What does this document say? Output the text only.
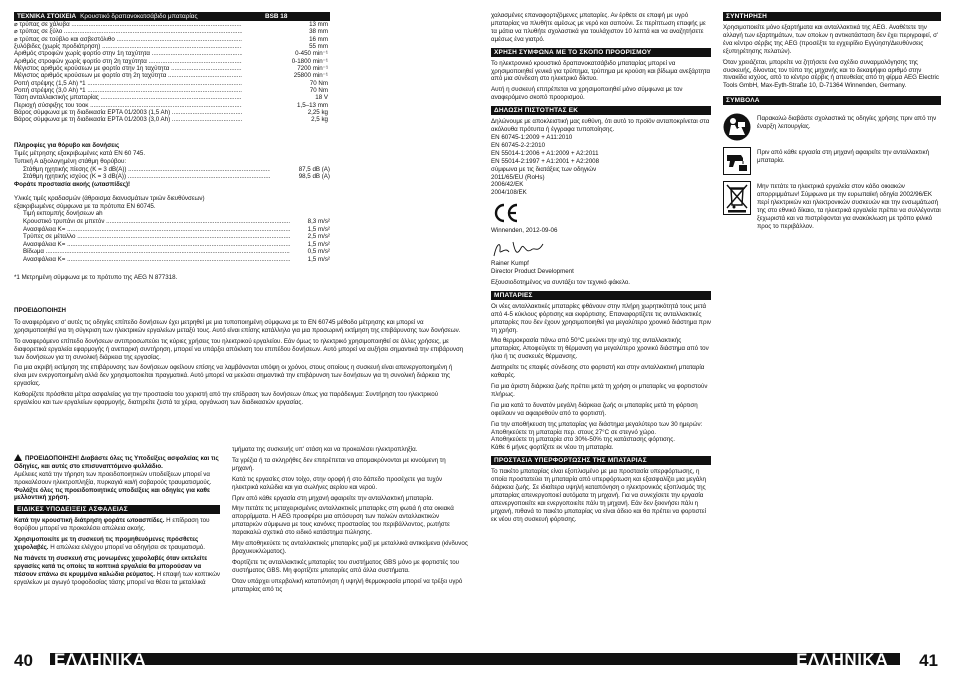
ΤΕΧΝΙΚΑ ΣΤΟΙΧΕΙΑ Κρουστικό δραπανοκατσάβιδο μπαταρίας	BSB 18
⌀ τρύπας σε χάλυβα .....	13 mm
⌀ τρύπας σε ξύλο .....	38 mm
⌀ τρύπας σε τούβλο και ασβεστόλιθο .....	16 mm
ξυλόβιδες (χωρίς προδιάτρηση) .....	55 mm
Αριθμός στροφών χωρίς φορτίο στην 1η ταχύτητα .....	0-450 min⁻¹
Αριθμός στροφών χωρίς φορτίο στη 2η ταχύτητα .....	0-1800 min⁻¹
Μέγιστος αριθμός κρούσεων με φορτίο στην 1η ταχύτητα .....	7200 min⁻¹
Μέγιστος αριθμός κρούσεων με φορτίο στη 2η ταχύτητα .....	25800 min⁻¹
Ροπή στρέψης (1,5 Ah) *1 .....	70 Nm
Ροπή στρέψης (3,0 Ah) *1 .....	70 Nm
Τάση ανταλλακτικής μπαταρίας .....	18 V
Περιοχή σύσφιξης του τοοκ .....	1,5–13 mm
Βάρος σύμφωνα με τη διαδικασία EPTA 01/2003 (1,5 Ah) .....	2,25 kg
Βάρος σύμφωνα με τη διαδικασία EPTA 01/2003 (3,0 Ah) .....	2,5 kg

Πληροφίες για θόρυβο και δονήσεις

Τιμές μέτρησης εξακριβωμένες κατά EN 60 745.
Τυπική Α αξιολογημένη στάθμη θορύβου:

Στάθμη ηχητικής πίεσης (K = 3 dB(A)) .....	87,5 dB (A)
Στάθμη ηχητικής ισχύος (K = 3 dB(A)) .....	98,5 dB (A)

Φοράτε προστασία ακοής (ωτασπίδες)!

Υλικές τιμές κραδασμών (άθροισμα διανυσμάτων τριών διευθύνσεων) εξακριβωμένες σύμφωνα με τα πρότυπα EN 60745.

Τιμή εκπομπής δονήσεων ah
Κρουστικό τρυπάνι σε μπετόν .....	8,3 m/s²
Ανασφάλεια K= .....	1,5 m/s²
Τρύπες σε μέταλλο .....	2,5 m/s²
Ανασφάλεια K= .....	1,5 m/s²
Βίδωμα .....	0,5 m/s²
Ανασφάλεια K= .....	1,5 m/s²

*1 Μετρημένη σύμφωνα με το πρότυπο της AEG N 877318.

ΠΡΟΕΙΔΟΠΟΙΗΣΗ

Το αναφερόμενο σ' αυτές τις οδηγίες επίπεδο δονήσεων έχει μετρηθεί με μια τυποποιημένη σύμφωνα με το EN 60745 μέθοδο μέτρησης και μπορεί να χρησιμοποιηθεί για τη σύγκριση των ηλεκτρικών εργαλείων μεταξύ τους. Αυτό είναι επίσης κατάλληλο για μια προσωρινή εκτίμηση της επιβάρυνσης των δονήσεων.

Το αναφερόμενο επίπεδο δονήσεων αντιπροσωπεύει τις κύριες χρήσεις του ηλεκτρικού εργαλείου. Εάν όμως το ηλεκτρικό χρησιμοποιηθεί σε άλλες χρήσεις, με διαφορετικά εργαλεία εφαρμογής ή ανεπαρκή συντήρηση, μπορεί να υπάρξει απόκλιση του επιπέδου δονήσεων. Αυτό μπορεί να αυξήσει σημαντικά την επιβάρυνση των δονήσεων για τη συνολική διάρκεια της εργασίας.

Για μια ακριβή εκτίμηση της επιβάρυνσης των δονήσεων οφείλουν επίσης να λαμβάνονται υπόψη οι χρόνοι, στους οποίους η συσκευή είναι απενεργοποιημένη ή είναι μεν ενεργοποιημένη αλλά δεν χρησιμοποιείται πραγματικά. Αυτό μπορεί να μειώσει σημαντικά την επιβάρυνση των δονήσεων για τη συνολική διάρκεια της εργασίας.

Καθορίζετε πρόσθετα μέτρα ασφαλείας για την προστασία του χειριστή από την επίδραση των δονήσεων όπως για παράδειγμα: Συντήρηση του ηλεκτρικού εργαλείου και των εργαλείων εφαρμογής, διατηρείτε ζεστά τα χέρια, οργάνωση των διαδικασιών εργασίας.

ΠΡΟΕΙΔΟΠΟΙΗΣΗ! Διαβάστε όλες τις Υποδείξεις ασφαλείας και τις Οδηγίες, και αυτές στο επισυναπτόμενο φυλλάδιο.
Αμέλειες κατά την τήρηση των προειδοποιητικών υποδείξεων μπορεί να προκαλέσουν ηλεκτροπληξία, πυρκαγιά και/ή σοβαρούς τραυματισμούς.
Φυλάξτε όλες τις προειδοποιητικές υποδείξεις και οδηγίες για καθε μελλοντική χρήση.

ΕΙΔΙΚΕΣ ΥΠΟΔΕΙΞΕΙΣ ΑΣΦΑΛΕΙΑΣ

Κατά την κρουστική διάτρηση φοράτε ωτοασπίδες. Η επίδραση του θορύβου μπορεί να προκαλέσει απώλεια ακοής.

Χρησιμοποιείτε με τη συσκευή τις προμηθευόμενες πρόσθετες χειρολαβές. Η απώλεια ελέγχου μπορεί να οδηγήσει σε τραυματισμό.

Να πιάνετε τη συσκευή στις μονωμένες χειρολαβές όταν εκτελείτε εργασίες κατά τις οποίες τα κοπτικά εργαλεία θα μπορούσαν να πέσουν επάνω σε κρυμμένα καλώδια ρεύματος. Η επαφή των κοπτικών εργαλείων με αγωγό τροφοδοσίας τάσης μπορεί να θέσει τα μεταλλικά

τμήματα της συσκευής υπ' οτάση και να προκαλέσει ηλεκτροπληξία.

Τα γρέζια ή τα σκληρήθες δεν επιτρέπεται να απομακρύνονται με κινούμενη τη μηχανή.

Κατά τις εργασίες στον τοίχο, στην οροφή ή στο δάπεδο προσέχετε για τυχόν ηλεκτρικά καλώδια και για σωλήνες αερίου και νερού.

Πριν από κάθε εργασία στη μηχανή αφαιρείτε την ανταλλακτική μπαταρία.

Μην πετάτε τις μεταχειρισμένες ανταλλακτικές μπαταρίες στη φωτιά ή στα οικιακά απορρίμματα. Η AEG προσφέρει μια απόσυρση των παλιών ανταλλακτικών μπαταριών σύμφωνα με τους κανόνες προστασίας του περιβάλλοντος, ρωτήστε παρακαλώ σχετικά στο ειδικό κατάστημα πώλησης.

Μην αποθηκεύετε τις ανταλλακτικές μπαταρίες μαζί με μεταλλικά αντικείμενα (κίνδυνος βραχυκυκλώματος).

Φορτίζετε τις ανταλλακτικές μπαταρίες του συστήματος GBS μόνο με φορτιστές του συστήματος GBS. Μη φορτίζετε μπαταρίες από άλλα συστήματα.

Όταν υπάρχει υπερβολική καταπόνηση ή υψηλή θερμοκρασία μπορεί να τρέξει υγρό μπαταρίας από τις

40 ΕΛΛΗΝΙΚΑ

χαλασμένες επαναφορτιζόμενες μπαταρίες. Αν έρθετε σε επαφή με υγρό μπαταρίας να πλυθήτε αμέσως με νερό και σαπούνι. Σε περίπτωση επαφής με τα μάτια να πλυθήτε σχολαστικά για τουλάχιστον 10 λεπτά και να αναζητήσετε αμέσως ένα γιατρό.

ΧΡΗΣΗ ΣΥΜΦΩΝΑ ΜΕ ΤΟ ΣΚΟΠΟ ΠΡΟΟΡΙΣΜΟΥ

Το ηλεκτρονικό κρουστικό δραπανοκατσάβιδο μπαταρίας μπορεί να χρησιμοποιηθεί γενικά για τρύπημα, τρύπημα με κρούση και βίδωμα ανεξάρτητα από μια σύνδεση στο ηλεκτρικό δίκτυο.

Αυτή η συσκευή επιτρέπεται να χρησιμοποιηθεί μόνο σύμφωνα με τον αναφερόμενο σκοπό προορισμού.

ΔΗΛΩΣΗ ΠΙΣΤΟΤΗΤΑΣ ΕΚ

Δηλώνουμε με αποκλειστική μας ευθύνη, ότι αυτό το προϊόν ανταποκρίνεται στα ακόλουθα πρότυπα ή έγγραφα τυποποίησης.
EN 60745-1:2009 + A11:2010
EN 60745-2-2:2010
EN 55014-1:2006 + A1:2009 + A2:2011
EN 55014-2:1997 + A1:2001 + A2:2008
σύμφωνα με τις διατάξεις των οδηγιών
2011/65/EU (RoHs)
2006/42/EK
2004/108/EK

Winnenden, 2012-09-06

Rainer Kumpf

Director Product Development

Εξουσιοδοτημένος να συντάξει τον τεχνικό φάκελο.

ΜΠΑΤΑΡΙΕΣ

Οι νέες ανταλλακτικές μπαταρίες φθάνουν στην πλήρη χωρητικότητά τους μετά από 4-5 κύκλους φόρτισης και εκφόρτισης. Επαναφορτίζετε τις ανταλλακτικές μπαταρίες που δεν έχουν χρησιμοποιηθεί για μεγαλύτερο χρονικό διάστημα πριν τη χρήση.

Μια θερμοκρασία πάνω από 50°C μειώνει την ισχύ της ανταλλακτικής μπαταρίας. Αποφεύγετε τη θέρμανση για μεγαλύτερο χρονικό διάστημα από τον ήλιο ή τις συσκευές θέρμανσης.

Διατηρείτε τις επαφές σύνδεσης στο φορτιστή και στην ανταλλακτική μπαταρία καθαρές.

Για μια άριστη διάρκεια ζωής πρέπει μετά τη χρήση οι μπαταρίες να φορτιστούν πλήρως.

Για μια κατά το δυνατόν μεγάλη διάρκεια ζωής οι μπαταρίες μετά τη φόρτιση οφείλουν να αφαιρεθούν από το φορτιστή.

Για την αποθήκευση της μπαταρίας για διάστημα μεγαλύτερο των 30 ημερών:
Αποθηκεύετε τη μπαταρία περ. στους 27°C σε στεγνό χώρο.
Αποθηκεύετε τη μπαταρία στο 30%-50% της κατάστασης φόρτισης.
Κάθε 6 μήνες φορτίζετε εκ νέου τη μπαταρία.

ΠΡΟΣΤΑΣΙΑ ΥΠΕΡΦΟΡΤΩΣΗΣ ΤΗΣ ΜΠΑΤΑΡΙΑΣ

Το πακέτο μπαταρίας είναι εξοπλισμένο με μια προστασία υπερφόρτωσης, η οποία προστατεύει τη μπαταρία από υπερφόρτωση και εξασφαλίζει μια μεγάλη διάρκεια ζωής. Σε ιδιαίτερα υψηλή καταπόνηση ο ηλεκτρονικός εξοπλισμός της μπαταρίας απενεργοποιεί αυτόματα τη μηχανή. Για να συνεχίσετε την εργασία απενεργοποιείτε και ενεργοποιείτε πάλι τη μηχανή. Εάν δεν ξεκινήσει πάλι η μηχανή, πιθανά το πακέτο μπαταρίας να είναι άδειο και θα πρέπει να φορτιστεί εκ νέου στη συσκευή φόρτισης.

ΣΥΝΤΗΡΗΣΗ

Χρησιμοποιείτε μόνο εξαρτήματα και ανταλλακτικά της AEG. Αναθέτετε την αλλαγή των εξαρτημάτων, των οποίων η αντικατάσταση δεν έχει περιγραφεί, σ' ένα κέντρο σέρβις της AEG (προσέξτε τα εγχειρίδιο Εγγύηση/Διευθύνσεις εξυπηρέτησης πελατών).

Όταν χρειάζεται, μπορείτε να ζητήσετε ένα σχέδιο συναρμολόγησης της συσκευής, δίνοντας τον τύπο της μηχανής και το δεκαψήφιο αριθμό στην πινακίδα ισχύος, από το κέντρο σέρβις ή απευθείας από τη φίρμα AEG Electric Tools GmbH, Max-Eyth-Straße 10, D-71364 Winnenden, Germany.

ΣΥΜΒΟΛΑ

Παρακαλώ διαβάστε σχολαστικά τις οδηγίες χρήσης πριν από την έναρξη λειτουργίας.

Πριν από κάθε εργασία στη μηχανή αφαιρείτε την ανταλλακτική μπαταρία.

Μην πετάτε τα ηλεκτρικά εργαλεία στον κάδο οικιακών απορριμμάτων! Σύμφωνα με την ευρωπαϊκή οδηγία 2002/96/ΕΚ περί ηλεκτρικών και ηλεκτρονικών συσκευών και την ενσωμάτωσή της στο εθνικό δίκαιο, τα ηλεκτρικά εργαλεία πρέπει να συλλέγονται ξεχωριστά και να πιστρέφονται για ανακύκλωση με τρόπο φιλικό προς το περιβάλλον.

ΕΛΛΗΝΙΚΑ 41
